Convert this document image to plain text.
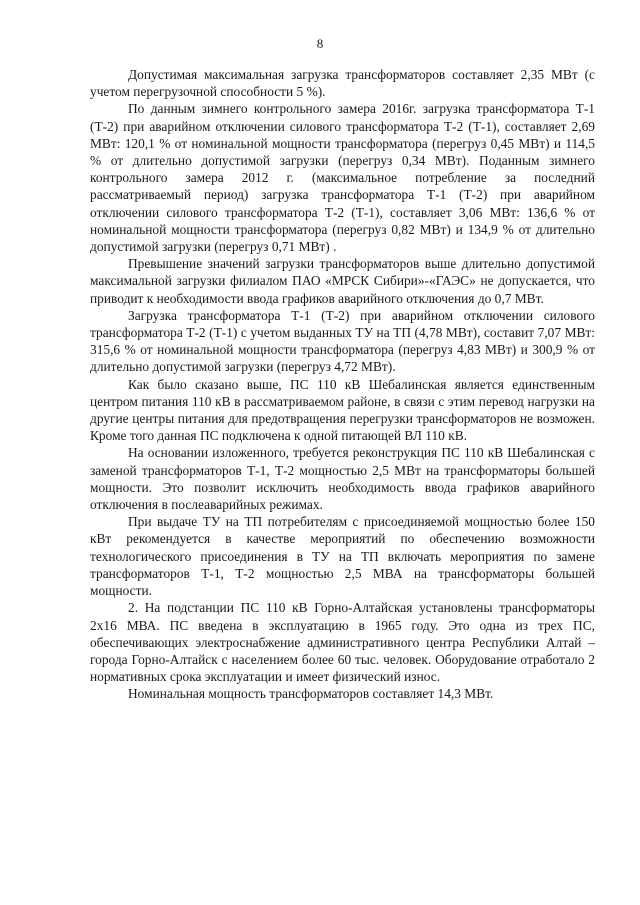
8

Допустимая максимальная загрузка трансформаторов составляет 2,35 МВт (с учетом перегрузочной способности 5 %).

По данным зимнего контрольного замера 2016г. загрузка трансформатора Т-1 (Т-2) при аварийном отключении силового трансформатора Т-2 (Т-1), составляет 2,69 МВт: 120,1 % от номинальной мощности трансформатора (перегруз 0,45 МВт) и 114,5 % от длительно допустимой загрузки (перегруз 0,34 МВт). Поданным зимнего контрольного замера 2012 г. (максимальное потребление за последний рассматриваемый период) загрузка трансформатора Т-1 (Т-2) при аварийном отключении силового трансформатора Т-2 (Т-1), составляет 3,06 МВт: 136,6 % от номинальной мощности трансформатора (перегруз 0,82 МВт) и 134,9 % от длительно допустимой загрузки (перегруз 0,71 МВт) .

Превышение значений загрузки трансформаторов выше длительно допустимой максимальной загрузки филиалом ПАО «МРСК Сибири»-«ГАЭС» не допускается, что приводит к необходимости ввода графиков аварийного отключения до 0,7 МВт.

Загрузка трансформатора Т-1 (Т-2) при аварийном отключении силового трансформатора Т-2 (Т-1) с учетом выданных ТУ на ТП (4,78 МВт), составит 7,07 МВт: 315,6 % от номинальной мощности трансформатора (перегруз 4,83 МВт) и 300,9 % от длительно допустимой загрузки (перегруз 4,72 МВт).

Как было сказано выше, ПС 110 кВ Шебалинская является единственным центром питания 110 кВ в рассматриваемом районе, в связи с этим перевод нагрузки на другие центры питания для предотвращения перегрузки трансформаторов не возможен. Кроме того данная ПС подключена к одной питающей ВЛ 110 кВ.

На основании изложенного, требуется реконструкция ПС 110 кВ Шебалинская с заменой трансформаторов Т-1, Т-2 мощностью 2,5 МВт на трансформаторы большей мощности. Это позволит исключить необходимость ввода графиков аварийного отключения в послеаварийных режимах.

При выдаче ТУ на ТП потребителям с присоединяемой мощностью более 150 кВт рекомендуется в качестве мероприятий по обеспечению возможности технологического присоединения в ТУ на ТП включать мероприятия по замене трансформаторов Т-1, Т-2 мощностью 2,5 МВА на трансформаторы большей мощности.

2. На подстанции ПС 110 кВ Горно-Алтайская установлены трансформаторы 2х16 МВА. ПС введена в эксплуатацию в 1965 году. Это одна из трех ПС, обеспечивающих электроснабжение административного центра Республики Алтай – города Горно-Алтайск с населением более 60 тыс. человек. Оборудование отработало 2 нормативных срока эксплуатации и имеет физический износ.

Номинальная мощность трансформаторов составляет 14,3 МВт.
